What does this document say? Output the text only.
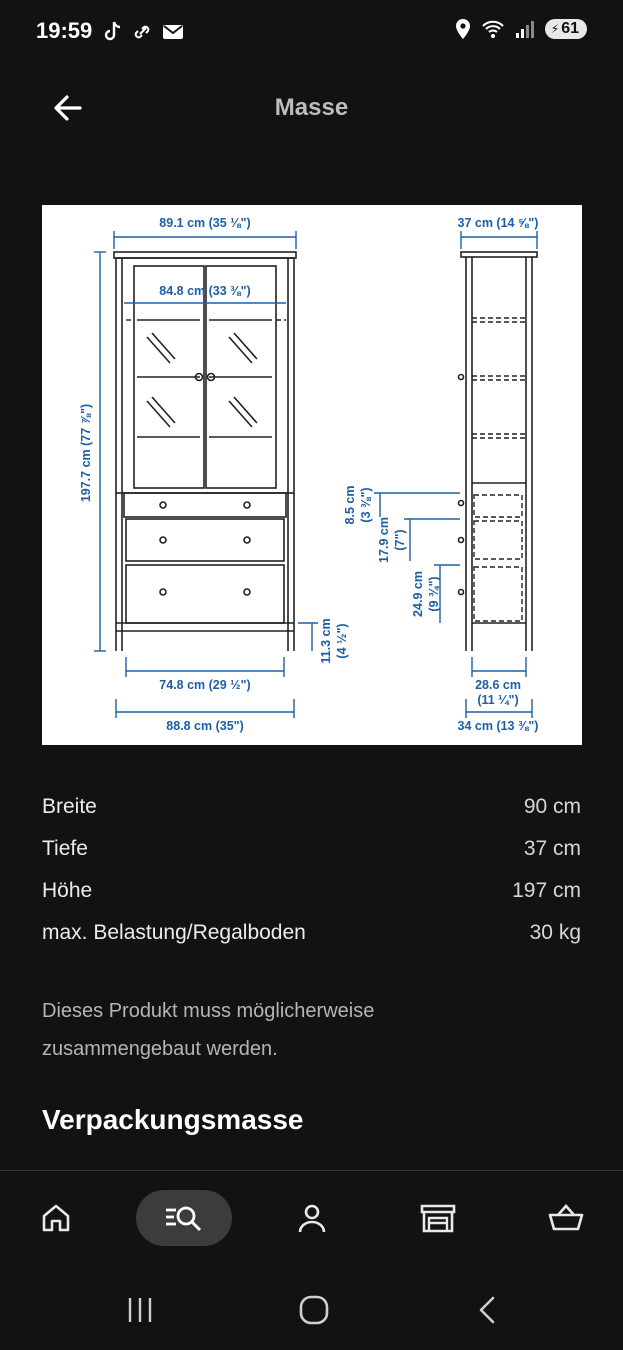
19:59	⚡ 61
Masse
89.1 cm (35 ⅛")
84.8 cm (33 ⅜")
197.7 cm (77 ⅞")
37 cm (14 ⅝")
8.5 cm (3 ⅜")
17.9 cm (7")
24.9 cm (9 ¾")
11.3 cm (4 ½")
74.8 cm (29 ½")
88.8 cm (35")
28.6 cm
(11 ¼")
34 cm (13 ⅜")
Breite	90 cm
Tiefe	37 cm
Höhe	197 cm
max. Belastung/Regalboden	30 kg
Dieses Produkt muss möglicherweise zusammengebaut werden.
Verpackungsmasse
